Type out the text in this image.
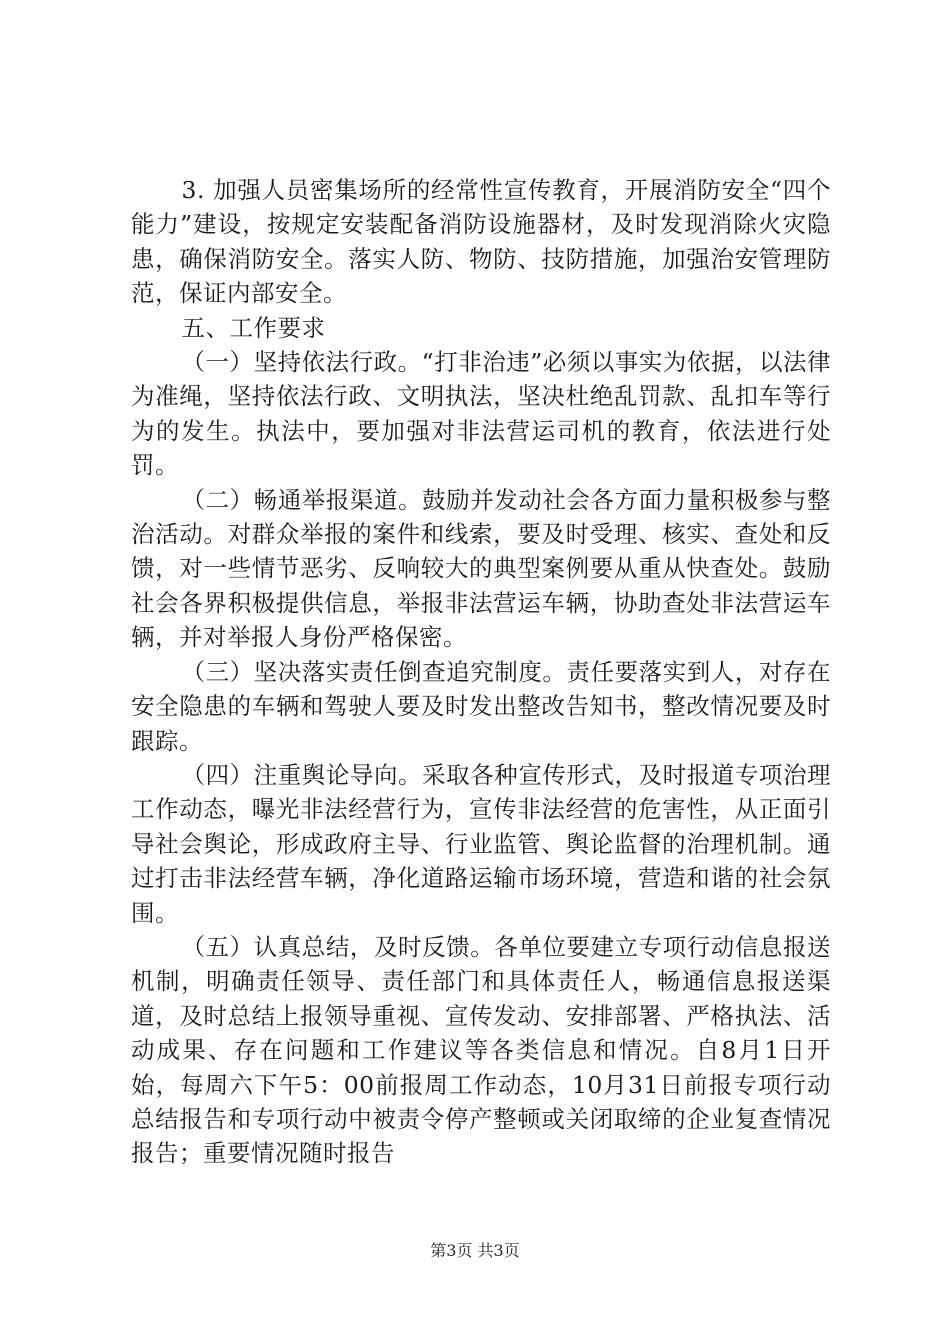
3. 加强人员密集场所的经常性宣传教育，开展消防安全“四个能力”建设，按规定安装配备消防设施器材，及时发现消除火灾隐患，确保消防安全。落实人防、物防、技防措施，加强治安管理防范，保证内部安全。

五、工作要求

（一）坚持依法行政。“打非治违”必须以事实为依据，以法律为准绳，坚持依法行政、文明执法，坚决杜绝乱罚款、乱扣车等行为的发生。执法中，要加强对非法营运司机的教育，依法进行处罚。

（二）畅通举报渠道。鼓励并发动社会各方面力量积极参与整治活动。对群众举报的案件和线索，要及时受理、核实、查处和反馈，对一些情节恶劣、反响较大的典型案例要从重从快查处。鼓励社会各界积极提供信息，举报非法营运车辆，协助查处非法营运车辆，并对举报人身份严格保密。

（三）坚决落实责任倒查追究制度。责任要落实到人，对存在安全隐患的车辆和驾驶人要及时发出整改告知书，整改情况要及时跟踪。

（四）注重舆论导向。采取各种宣传形式，及时报道专项治理工作动态，曝光非法经营行为，宣传非法经营的危害性，从正面引导社会舆论，形成政府主导、行业监管、舆论监督的治理机制。通过打击非法经营车辆，净化道路运输市场环境，营造和谐的社会氛围。

（五）认真总结，及时反馈。各单位要建立专项行动信息报送机制，明确责任领导、责任部门和具体责任人，畅通信息报送渠道，及时总结上报领导重视、宣传发动、安排部署、严格执法、活动成果、存在问题和工作建议等各类信息和情况。自8月1日开始，每周六下午5：00前报周工作动态，10月31日前报专项行动总结报告和专项行动中被责令停产整顿或关闭取缔的企业复查情况报告；重要情况随时报告

第3页 共3页
